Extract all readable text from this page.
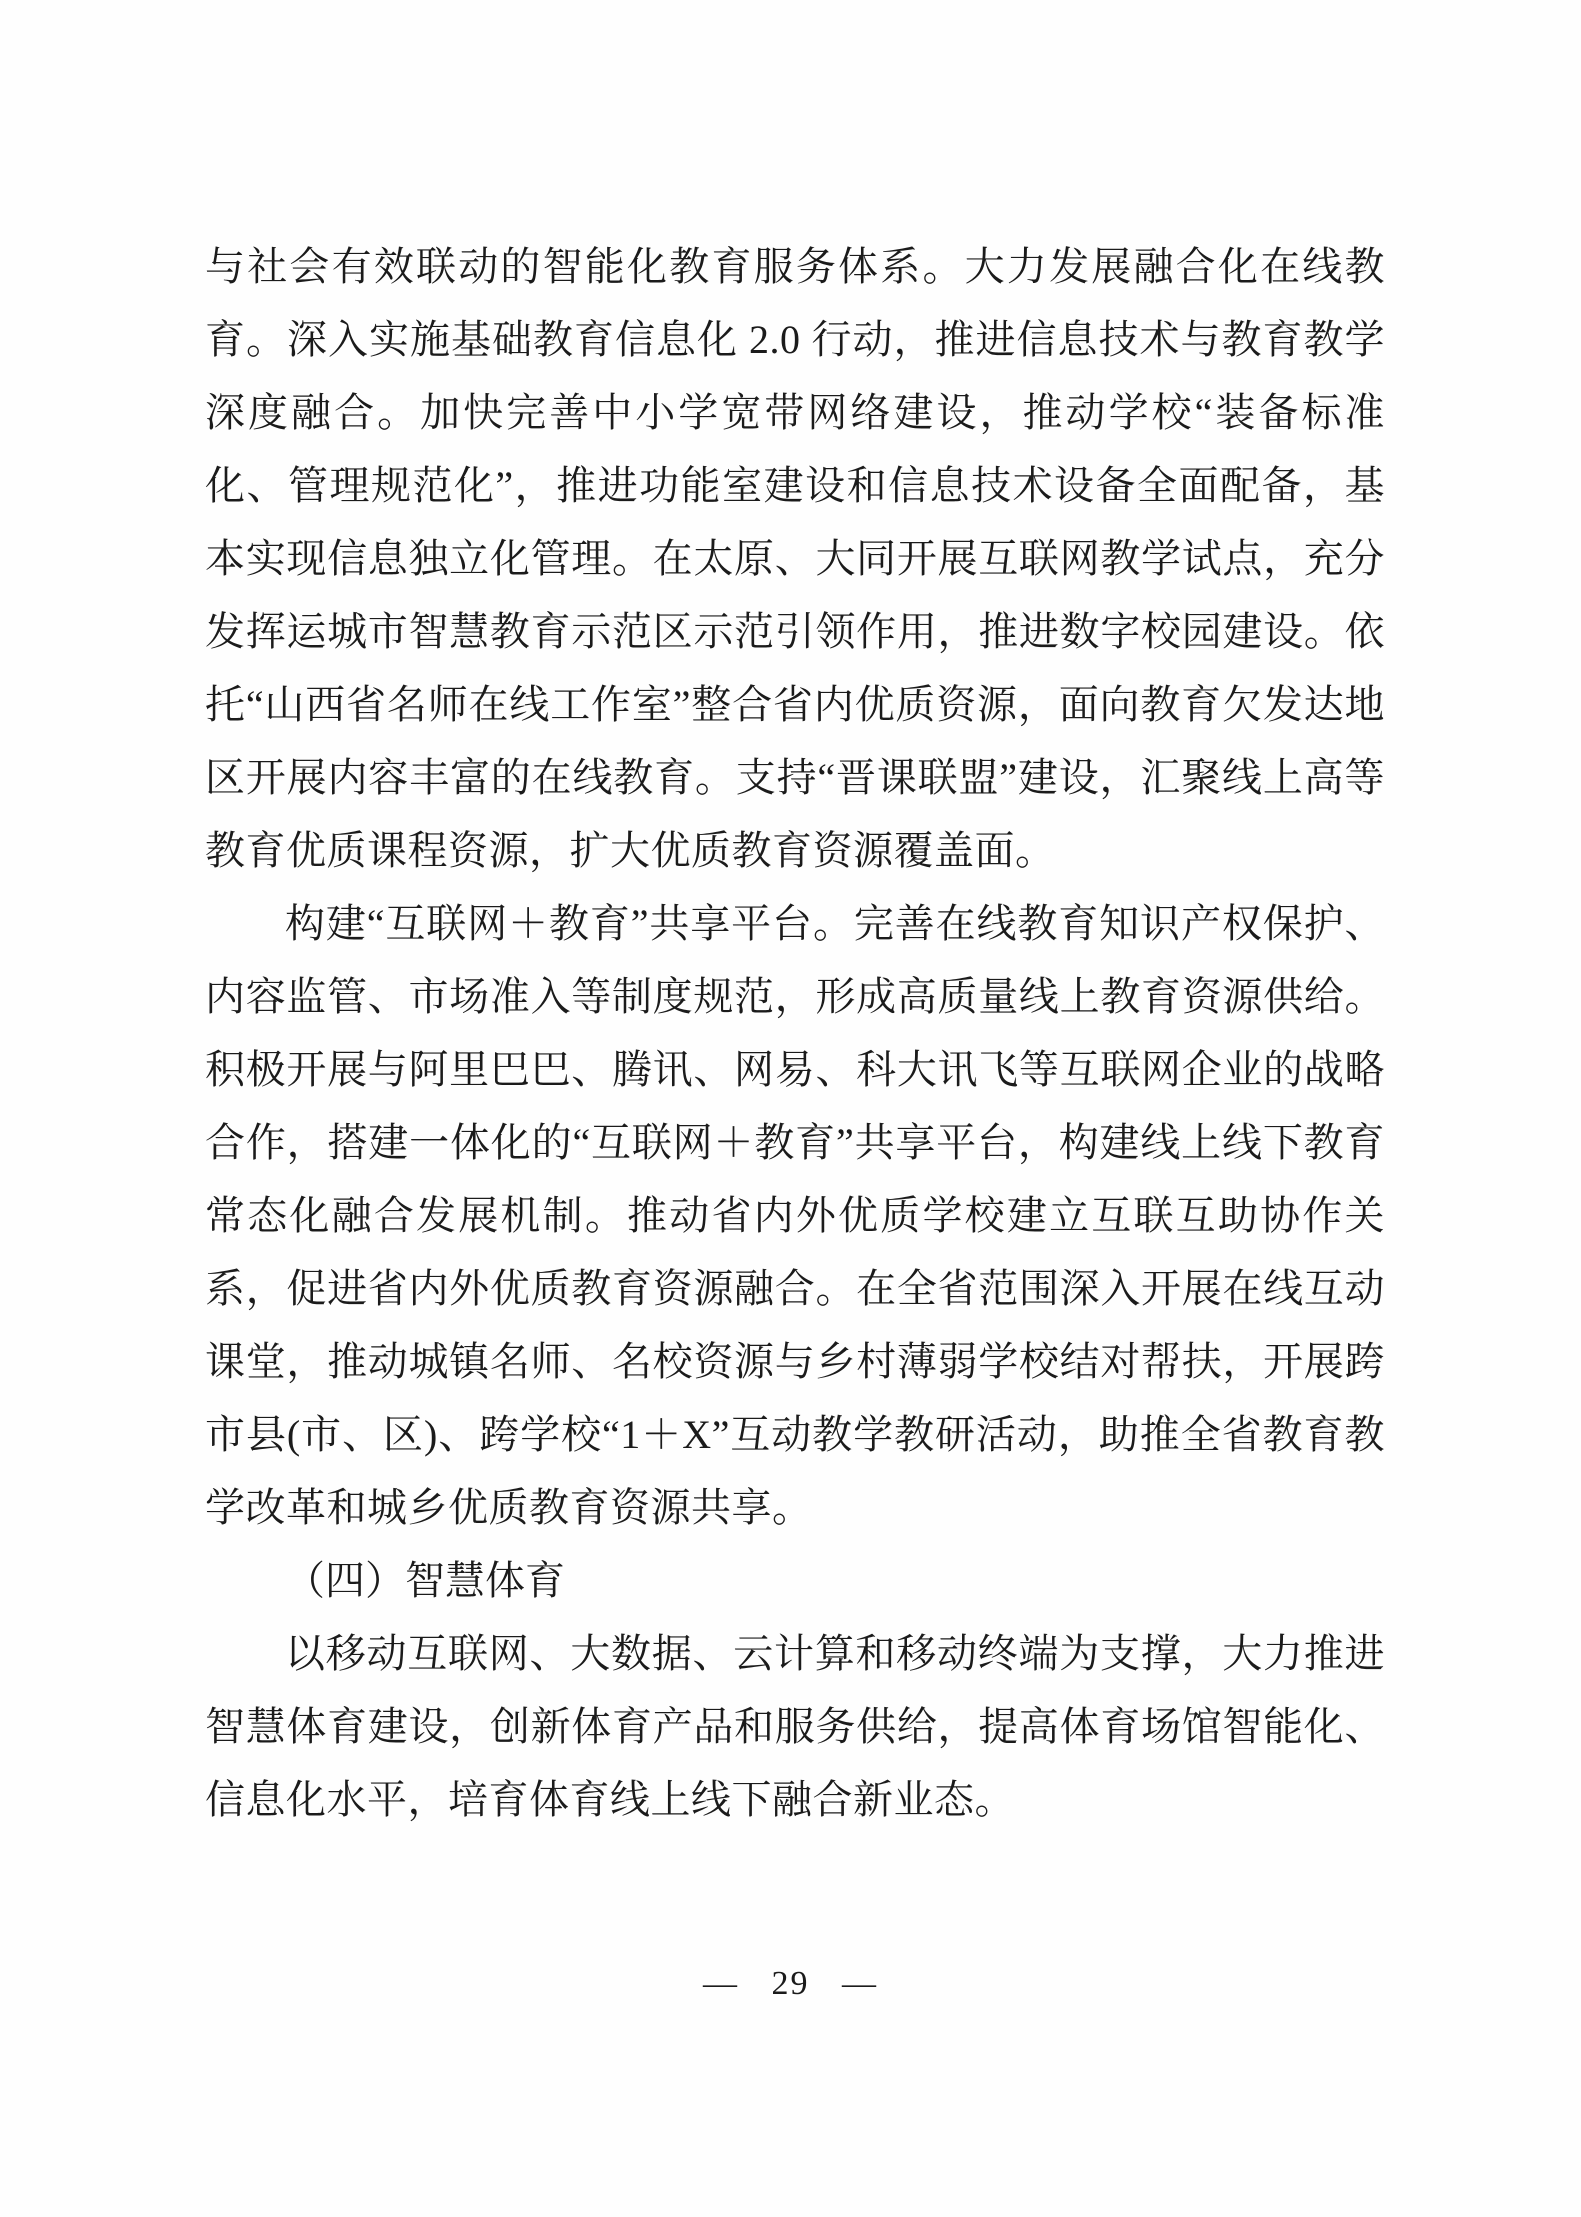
与社会有效联动的智能化教育服务体系。大力发展融合化在线教育。深入实施基础教育信息化 2.0 行动，推进信息技术与教育教学深度融合。加快完善中小学宽带网络建设，推动学校“装备标准化、管理规范化”，推进功能室建设和信息技术设备全面配备，基本实现信息独立化管理。在太原、大同开展互联网教学试点，充分发挥运城市智慧教育示范区示范引领作用，推进数字校园建设。依托“山西省名师在线工作室”整合省内优质资源，面向教育欠发达地区开展内容丰富的在线教育。支持“晋课联盟”建设，汇聚线上高等教育优质课程资源，扩大优质教育资源覆盖面。

构建“互联网＋教育”共享平台。完善在线教育知识产权保护、内容监管、市场准入等制度规范，形成高质量线上教育资源供给。积极开展与阿里巴巴、腾讯、网易、科大讯飞等互联网企业的战略合作，搭建一体化的“互联网＋教育”共享平台，构建线上线下教育常态化融合发展机制。推动省内外优质学校建立互联互助协作关系，促进省内外优质教育资源融合。在全省范围深入开展在线互动课堂，推动城镇名师、名校资源与乡村薄弱学校结对帮扶，开展跨市县(市、区)、跨学校“1＋X”互动教学教研活动，助推全省教育教学改革和城乡优质教育资源共享。

（四）智慧体育

以移动互联网、大数据、云计算和移动终端为支撑，大力推进智慧体育建设，创新体育产品和服务供给，提高体育场馆智能化、信息化水平，培育体育线上线下融合新业态。

— 29 —
